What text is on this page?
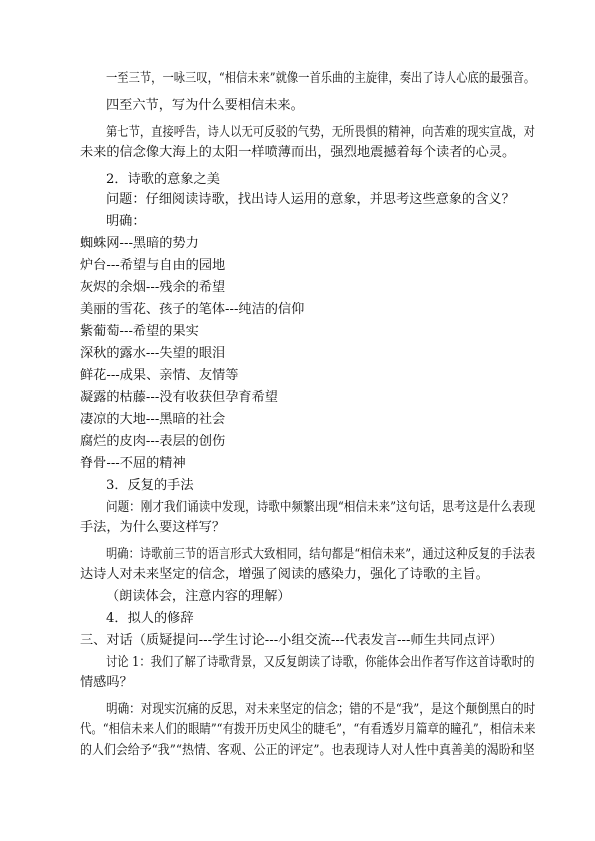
一至三节，一咏三叹，“相信未来”就像一首乐曲的主旋律，奏出了诗人心底的最强音。
四至六节，写为什么要相信未来。
第七节，直接呼告，诗人以无可反驳的气势，无所畏惧的精神，向苦难的现实宣战，对
未来的信念像大海上的太阳一样喷薄而出，强烈地震撼着每个读者的心灵。
2．诗歌的意象之美
问题：仔细阅读诗歌，找出诗人运用的意象，并思考这些意象的含义？
明确：
蜘蛛网---黑暗的势力
炉台---希望与自由的园地
灰烬的余烟---残余的希望
美丽的雪花、孩子的笔体---纯洁的信仰
紫葡萄---希望的果实
深秋的露水---失望的眼泪
鲜花---成果、亲情、友情等
凝露的枯藤---没有收获但孕育希望
凄凉的大地---黑暗的社会
腐烂的皮肉---表层的创伤
脊骨---不屈的精神
3．反复的手法
问题：刚才我们诵读中发现，诗歌中频繁出现“相信未来”这句话，思考这是什么表现
手法，为什么要这样写？
明确：诗歌前三节的语言形式大致相同，结句都是“相信未来”，通过这种反复的手法表
达诗人对未来坚定的信念，增强了阅读的感染力，强化了诗歌的主旨。
（朗读体会，注意内容的理解）
4．拟人的修辞
三、对话（质疑提问---学生讨论---小组交流---代表发言---师生共同点评）
讨论 1：我们了解了诗歌背景，又反复朗读了诗歌，你能体会出作者写作这首诗歌时的
情感吗？
明确：对现实沉痛的反思，对未来坚定的信念；错的不是“我”，是这个颠倒黑白的时
代。“相信未来人们的眼睛”“有拨开历史风尘的睫毛”，“有看透岁月篇章的瞳孔”，相信未来
的人们会给予“我”“热情、客观、公正的评定”。也表现诗人对人性中真善美的渴盼和坚
